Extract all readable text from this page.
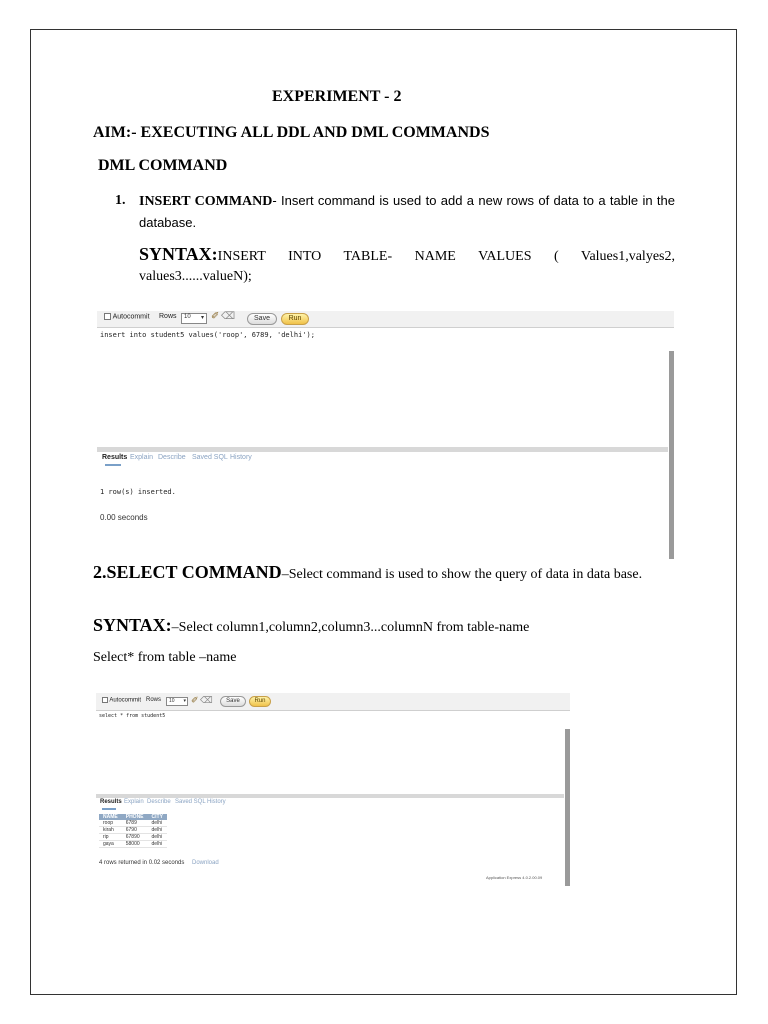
EXPERIMENT - 2
AIM:- EXECUTING ALL DDL AND DML COMMANDS
DML COMMAND
1. INSERT COMMAND- Insert command is used to add a new rows of data to a table in the database.
SYNTAX:INSERT INTO TABLE- NAME VALUES ( Values1,valyes2, values3......valueN);
Autocommit Rows	10 ▾ ✐ ⌫	Save	Run
insert into student5 values('roop', 6789, 'delhi');
Results Explain Describe Saved SQL History
1 row(s) inserted.
0.00 seconds
2.SELECT COMMAND–Select command is used to show the query of data in data base.
SYNTAX:–Select column1,column2,column3...columnN from table-name
Select* from table –name
Autocommit Rows	10 ▾ ✐ ⌫	Save	Run
select * from student5
Results Explain Describe Saved SQL History
NAME	PHONE	CITY
roop	6789	delhi
kirah	6790	delhi
rip	67890	delhi
gaya	58000	delhi
4 rows returned in 0.02 seconds Download
Application Express 4.0.2.00.09
